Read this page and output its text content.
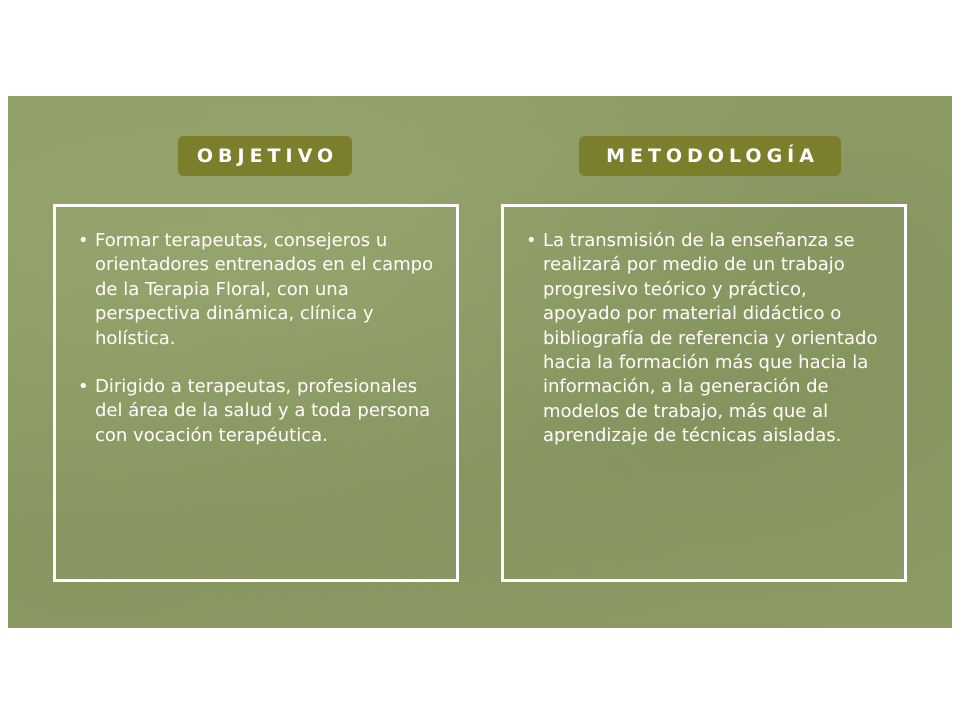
OBJETIVO	METODOLOGÍA
• Formar terapeutas, consejeros u orientadores entrenados en el campo de la Terapia Floral, con una perspectiva dinámica, clínica y holística.
• Dirigido a terapeutas, profesionales del área de la salud y a toda persona con vocación terapéutica.
• La transmisión de la enseñanza se realizará por medio de un trabajo progresivo teórico y práctico, apoyado por material didáctico o bibliografía de referencia y orientado hacia la formación más que hacia la información, a la generación de modelos de trabajo, más que al aprendizaje de técnicas aisladas.
